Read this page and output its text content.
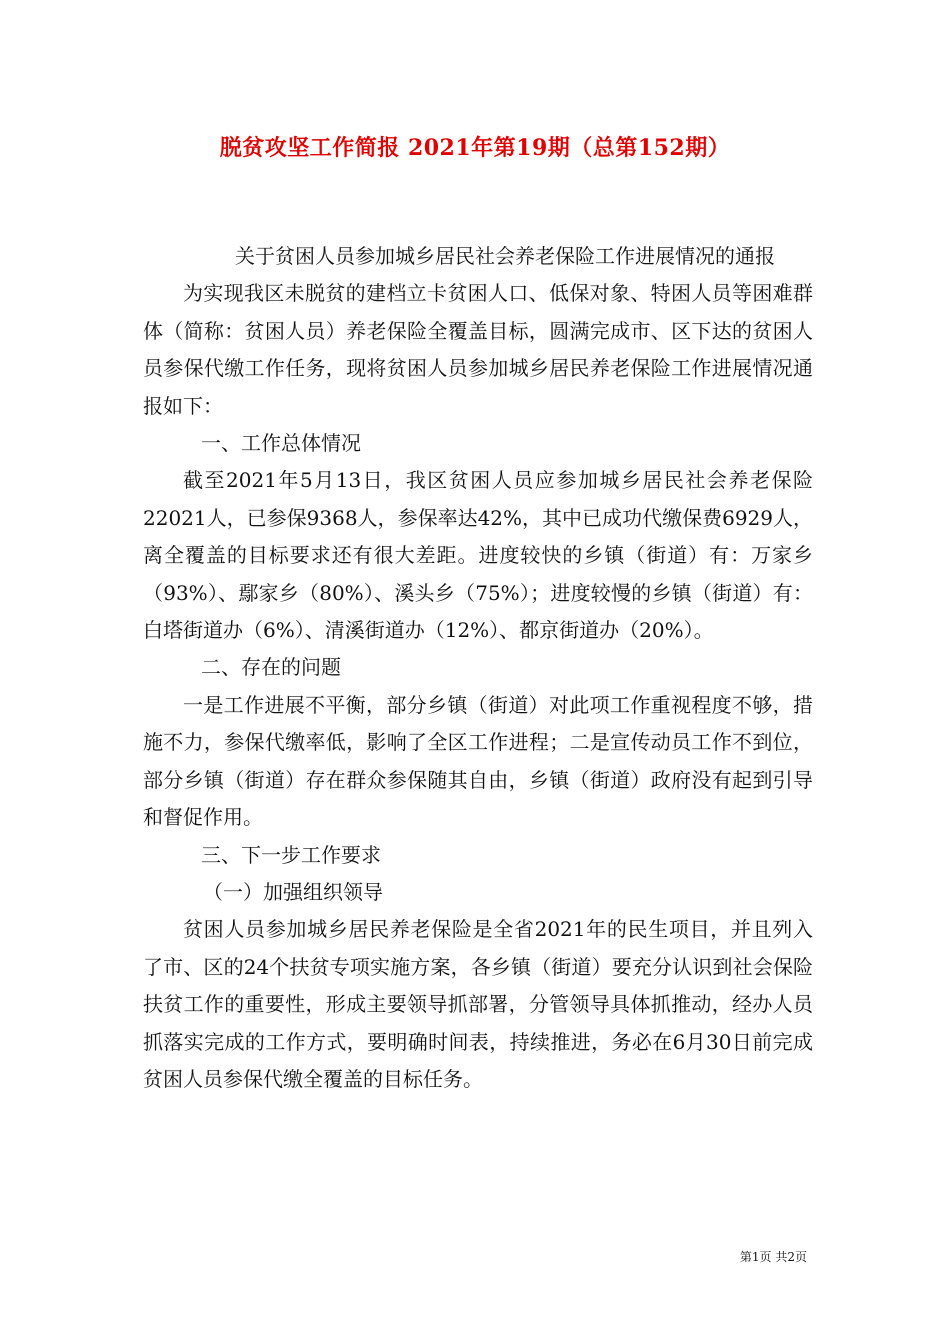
脱贫攻坚工作简报 2021年第19期（总第152期）

关于贫困人员参加城乡居民社会养老保险工作进展情况的通报

为实现我区未脱贫的建档立卡贫困人口、低保对象、特困人员等困难群体（简称：贫困人员）养老保险全覆盖目标，圆满完成市、区下达的贫困人员参保代缴工作任务，现将贫困人员参加城乡居民养老保险工作进展情况通报如下：

一、工作总体情况

截至2021年5月13日，我区贫困人员应参加城乡居民社会养老保险22021人，已参保9368人，参保率达42%，其中已成功代缴保费6929人，离全覆盖的目标要求还有很大差距。进度较快的乡镇（街道）有：万家乡（93%）、鄢家乡（80%）、溪头乡（75%）；进度较慢的乡镇（街道）有：白塔街道办（6%）、清溪街道办（12%）、都京街道办（20%）。

二、存在的问题

一是工作进展不平衡，部分乡镇（街道）对此项工作重视程度不够，措施不力，参保代缴率低，影响了全区工作进程；二是宣传动员工作不到位，部分乡镇（街道）存在群众参保随其自由，乡镇（街道）政府没有起到引导和督促作用。

三、下一步工作要求

（一）加强组织领导

贫困人员参加城乡居民养老保险是全省2021年的民生项目，并且列入了市、区的24个扶贫专项实施方案，各乡镇（街道）要充分认识到社会保险扶贫工作的重要性，形成主要领导抓部署，分管领导具体抓推动，经办人员抓落实完成的工作方式，要明确时间表，持续推进，务必在6月30日前完成贫困人员参保代缴全覆盖的目标任务。

第1页 共2页
